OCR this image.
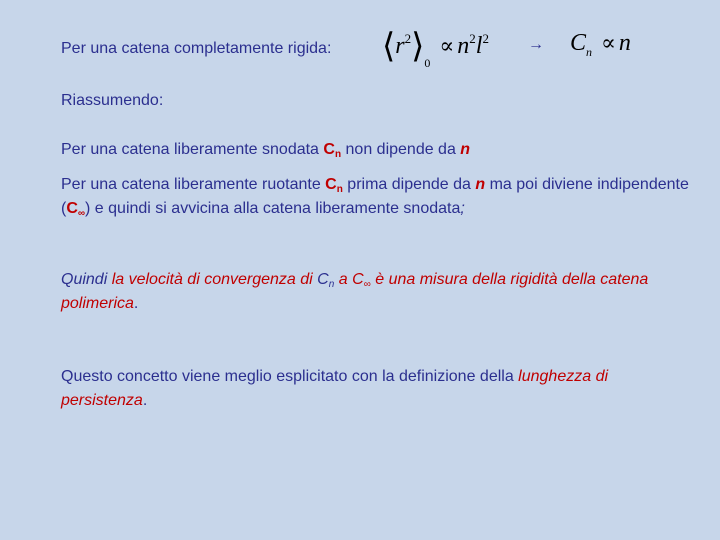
Per una catena completamente rigida: $⟨r^2⟩_0 \propto n^2l^2 \to C_n \propto n$
Riassumendo:
Per una catena liberamente snodata $C_n$ non dipende da n
Per una catena liberamente ruotante $C_n$ prima dipende da n ma poi diviene indipendente $(C_\infty)$ e quindi si avvicina alla catena liberamente snodata;
Quindi la velocità di convergenza di $C_n$ a $C_\infty$ è una misura della rigidità della catena polimerica.
Questo concetto viene meglio esplicitato con la definizione della lunghezza di persistenza.
